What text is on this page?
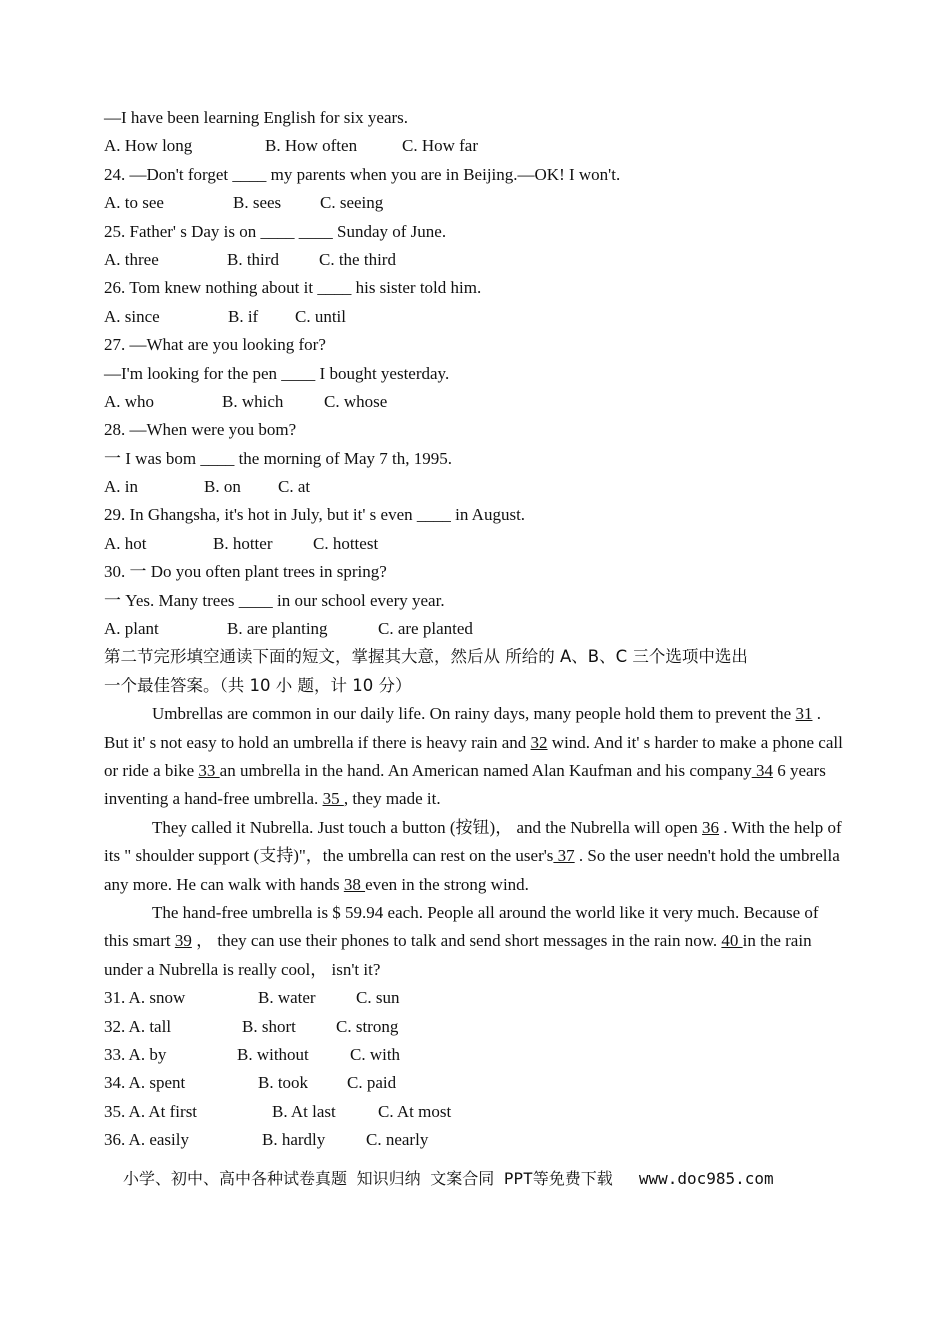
—I have been learning English for six years.
A. How long	B. How often	C. How far
24. —Don't forget ____ my parents when you are in Beijing.—OK! I won't.
A. to see	B. sees C. seeing
25. Father' s Day is on ____ ____ Sunday of June.
A. three	B. third C. the third
26. Tom knew nothing about it ____ his sister told him.
A. since	B. if C. until
27. —What are you looking for?
—I'm looking for the pen ____ I bought yesterday.
A. who	B. which C. whose
28. —When were you bom?
一 I was bom ____ the morning of May 7 th, 1995.
A. in	B. on C. at
29. In Ghangsha, it's hot in July, but it' s even ____ in August.
A. hot	B. hotter C. hottest
30. 一 Do you often plant trees in spring?
一 Yes. Many trees ____ in our school every year.
A. plant	B. are planting	C. are planted
第二节完形填空通读下面的短文，掌握其大意，然后从 所给的 A、B、C 三个选项中选出
一个最佳答案。（共 10 小 题，计 10 分）
Umbrellas are common in our daily life. On rainy days, many people hold them to prevent the 31 . But it' s not easy to hold an umbrella if there is heavy rain and 32 wind. And it' s harder to make a phone call or ride a bike 33 an umbrella in the hand. An American named Alan Kaufman and his company 34 6 years inventing a hand-free umbrella. 35 , they made it.
They called it Nubrella. Just touch a button (按钮)， and the Nubrella will open 36 . With the help of its " shoulder support (支持)"，the umbrella can rest on the user's 37 . So the user needn't hold the umbrella any more. He can walk with hands 38 even in the strong wind.
The hand-free umbrella is $ 59.94 each. People all around the world like it very much. Because of this smart 39 ， they can use their phones to talk and send short messages in the rain now. 40 in the rain under a Nubrella is really cool， isn't it?
31. A. snow	B. water C. sun
32. A. tall	B. short C. strong
33. A. by	B. without C. with
34. A. spent	B. took C. paid
35. A. At first	B. At last C. At most
36. A. easily	B. hardly C. nearly
小学、初中、高中各种试卷真题 知识归纳 文案合同 PPT等免费下载 www.doc985.com
